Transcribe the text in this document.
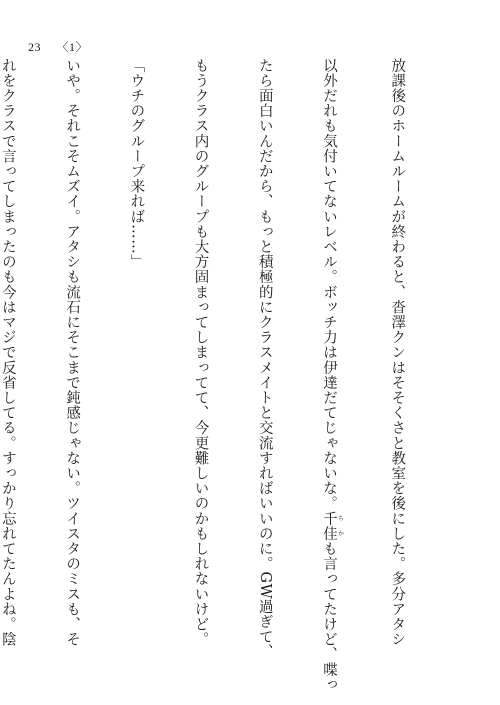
23 〈1〉

放課後のホームルームが終わると、沓澤クンはそそくさと教室を後にした。多分アタシ

以外だれも気付いてないレベル。ボッチ力は伊達だてじゃないな。千佳 ちかも言ってたけど、喋っ

たら面白いんだから、もっと積極的にクラスメイトと交流すればいいのに。GW過ぎて、

もうクラス内のグループも大方固まってしまってて、今更難しいのかもしれないけど。

「ウチのグループ来れば……」

いや。それこそムズイ。アタシも流石にそこまで鈍感じゃない。ツイスタのミスも、そ

れをクラスで言ってしまったのも今はマジで反省してる。すっかり忘れてたんよね。陰
